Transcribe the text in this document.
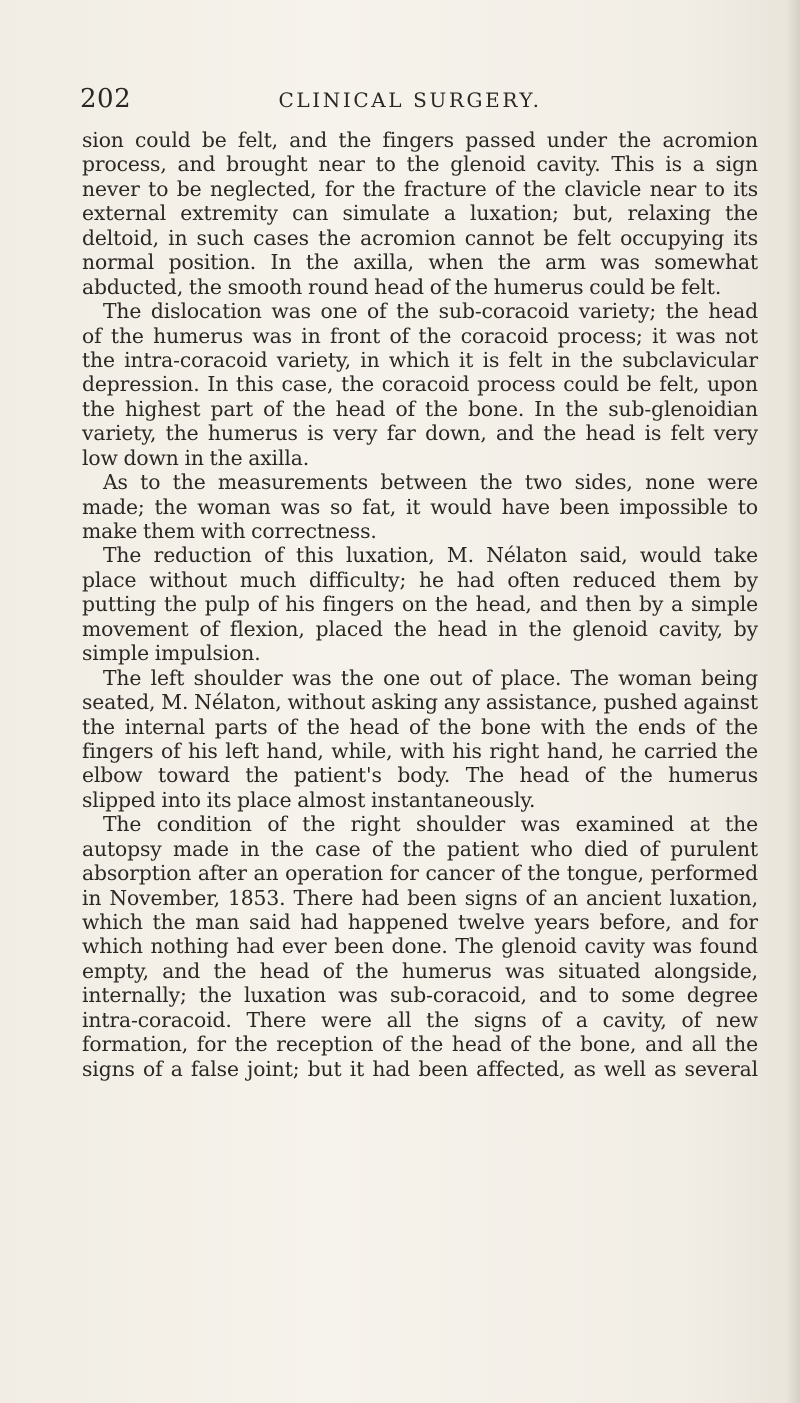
202	CLINICAL SURGERY.
sion could be felt, and the fingers passed under the acromion
process, and brought near to the glenoid cavity. This is a sign
never to be neglected, for the fracture of the clavicle near to its
external extremity can simulate a luxation; but, relaxing the
deltoid, in such cases the acromion cannot be felt occupying its
normal position. In the axilla, when the arm was somewhat
abducted, the smooth round head of the humerus could be felt.
The dislocation was one of the sub-coracoid variety; the head
of the humerus was in front of the coracoid process; it was not
the intra-coracoid variety, in which it is felt in the subclavicular
depression. In this case, the coracoid process could be felt, upon
the highest part of the head of the bone. In the sub-glenoidian
variety, the humerus is very far down, and the head is felt very
low down in the axilla.
As to the measurements between the two sides, none were
made; the woman was so fat, it would have been impossible to
make them with correctness.
The reduction of this luxation, M. Nélaton said, would take
place without much difficulty; he had often reduced them by
putting the pulp of his fingers on the head, and then by a simple
movement of flexion, placed the head in the glenoid cavity, by
simple impulsion.
The left shoulder was the one out of place. The woman being
seated, M. Nélaton, without asking any assistance, pushed against
the internal parts of the head of the bone with the ends of the
fingers of his left hand, while, with his right hand, he carried the
elbow toward the patient's body. The head of the humerus
slipped into its place almost instantaneously.
The condition of the right shoulder was examined at the
autopsy made in the case of the patient who died of purulent
absorption after an operation for cancer of the tongue, performed
in November, 1853. There had been signs of an ancient luxation,
which the man said had happened twelve years before, and for
which nothing had ever been done. The glenoid cavity was found
empty, and the head of the humerus was situated alongside,
internally; the luxation was sub-coracoid, and to some degree
intra-coracoid. There were all the signs of a cavity, of new
formation, for the reception of the head of the bone, and all the
signs of a false joint; but it had been affected, as well as several
